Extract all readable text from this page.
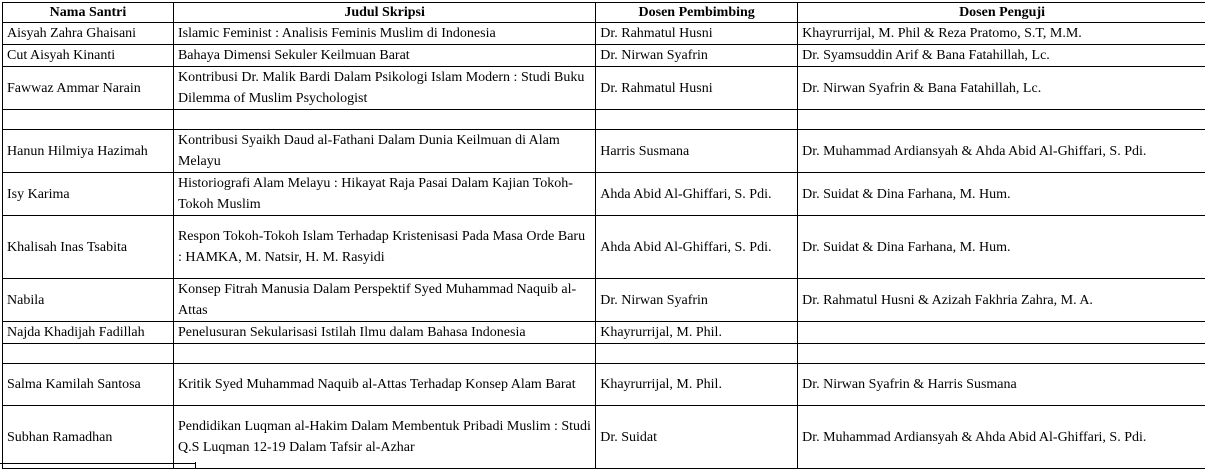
Nama Santri	Judul Skripsi	Dosen Pembimbing	Dosen Penguji
Aisyah Zahra Ghaisani	Islamic Feminist : Analisis Feminis Muslim di Indonesia	Dr. Rahmatul Husni	Khayrurrijal, M. Phil & Reza Pratomo, S.T, M.M.
Cut Aisyah Kinanti	Bahaya Dimensi Sekuler Keilmuan Barat	Dr. Nirwan Syafrin	Dr. Syamsuddin Arif & Bana Fatahillah, Lc.
Fawwaz Ammar Narain	Kontribusi Dr. Malik Bardi Dalam Psikologi Islam Modern : Studi Buku Dilemma of Muslim Psychologist	Dr. Rahmatul Husni	Dr. Nirwan Syafrin & Bana Fatahillah, Lc.

Hanun Hilmiya Hazimah	Kontribusi Syaikh Daud al-Fathani Dalam Dunia Keilmuan di Alam Melayu	Harris Susmana	Dr. Muhammad Ardiansyah & Ahda Abid Al-Ghiffari, S. Pdi.
Isy Karima	Historiografi Alam Melayu : Hikayat Raja Pasai Dalam Kajian Tokoh- Tokoh Muslim	Ahda Abid Al-Ghiffari, S. Pdi.	Dr. Suidat & Dina Farhana, M. Hum.
Khalisah Inas Tsabita	Respon Tokoh-Tokoh Islam Terhadap Kristenisasi Pada Masa Orde Baru : HAMKA, M. Natsir, H. M. Rasyidi	Ahda Abid Al-Ghiffari, S. Pdi.	Dr. Suidat & Dina Farhana, M. Hum.
Nabila	Konsep Fitrah Manusia Dalam Perspektif Syed Muhammad Naquib al- Attas	Dr. Nirwan Syafrin	Dr. Rahmatul Husni & Azizah Fakhria Zahra, M. A.
Najda Khadijah Fadillah	Penelusuran Sekularisasi Istilah Ilmu dalam Bahasa Indonesia	Khayrurrijal, M. Phil.	

Salma Kamilah Santosa	Kritik Syed Muhammad Naquib al-Attas Terhadap Konsep Alam Barat	Khayrurrijal, M. Phil.	Dr. Nirwan Syafrin & Harris Susmana
Subhan Ramadhan	Pendidikan Luqman al-Hakim Dalam Membentuk Pribadi Muslim : Studi Q.S Luqman 12-19 Dalam Tafsir al-Azhar	Dr. Suidat	Dr. Muhammad Ardiansyah & Ahda Abid Al-Ghiffari, S. Pdi.
